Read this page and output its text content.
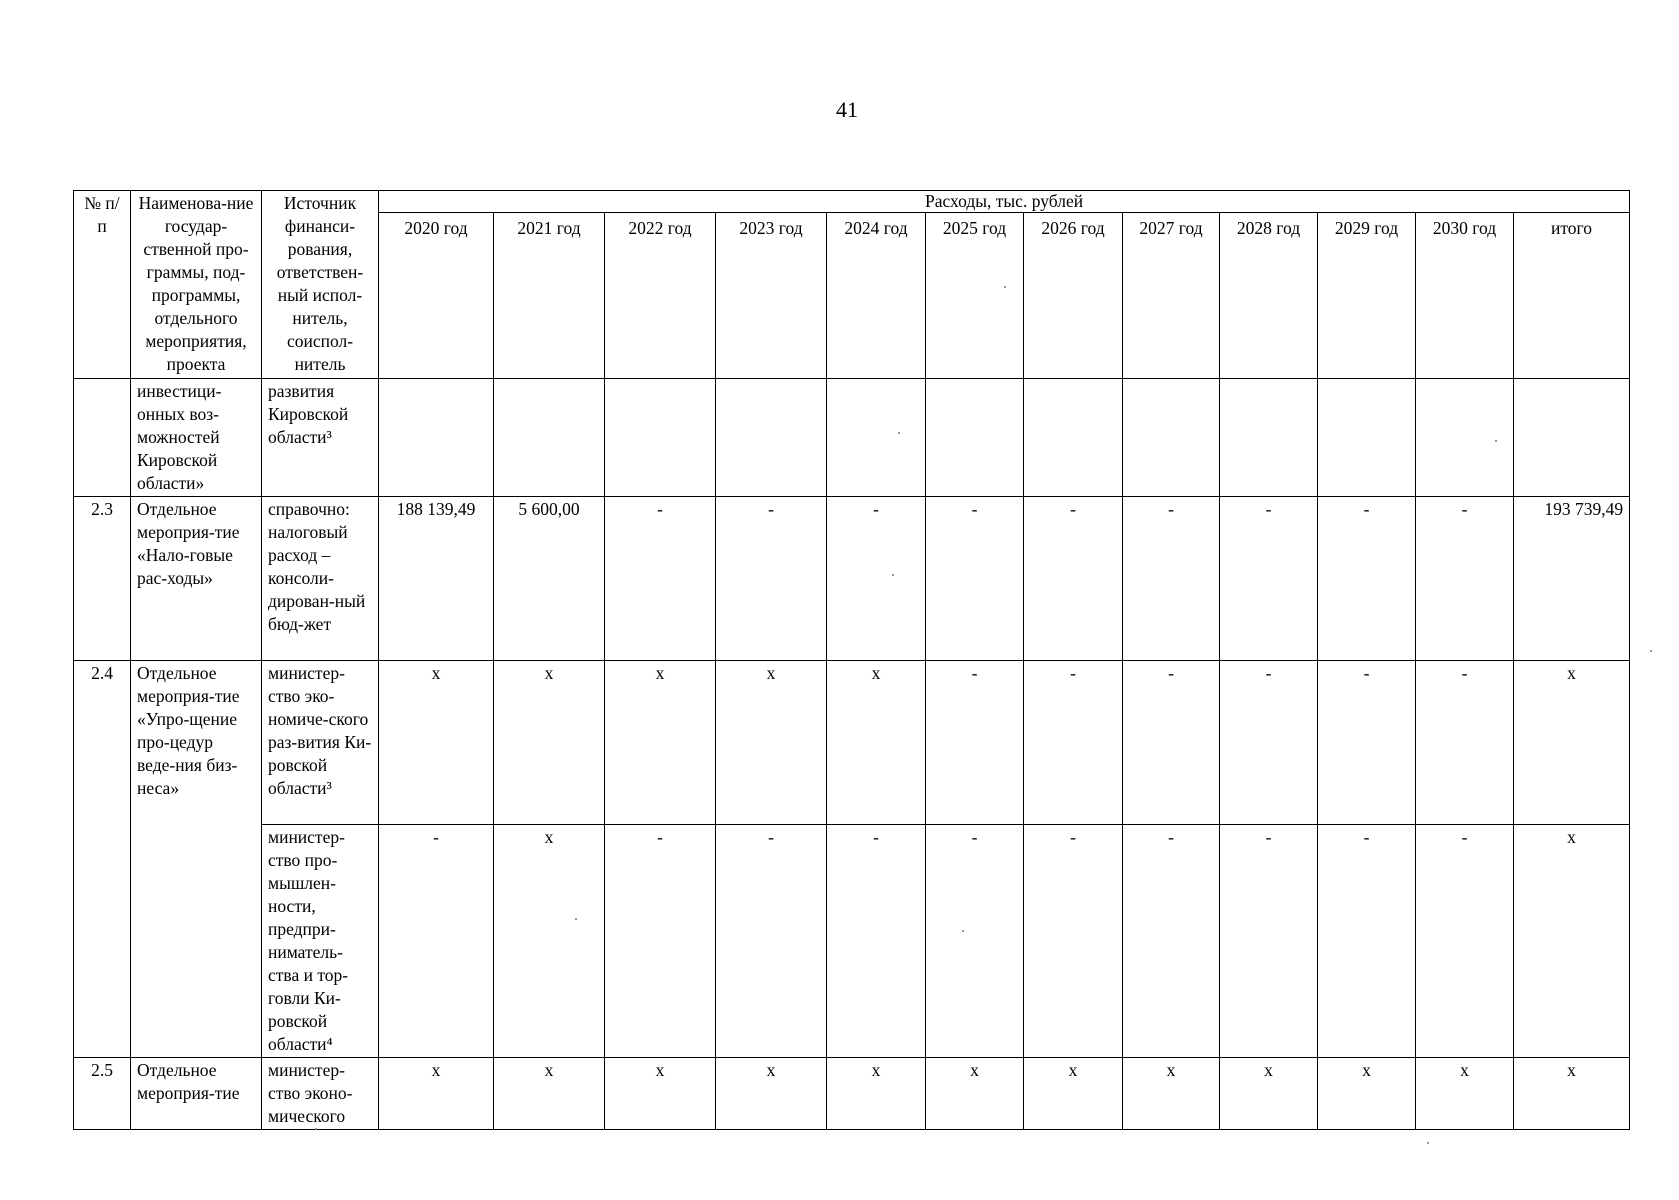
41
№ п/п	Наименова-ние государ-ственной про-граммы, под-программы, отдельного мероприятия, проекта	Источник финанси-рования, ответствен-ный испол-нитель, соиспол-нитель	Расходы, тыс. рублей											
			2020 год	2021 год	2022 год	2023 год	2024 год	2025 год	2026 год	2027 год	2028 год	2029 год	2030 год	итого
	инвестици-онных воз-можностей Кировской области»	развития Кировской области³												
2.3	Отдельное мероприя-тие «Нало-говые рас-ходы»	справочно: налоговый расход – консоли-дирован-ный бюд-жет	188 139,49	5 600,00	-	-	-	-	-	-	-	-	-	193 739,49
2.4	Отдельное мероприя-тие «Упро-щение про-цедур веде-ния биз-неса»	министер-ство эко-номиче-ского раз-вития Ки-ровской области³	x	x	x	x	x	-	-	-	-	-	-	x
		министер-ство про-мышлен-ности, предпри-ниматель-ства и тор-говли Ки-ровской области⁴	-	x	-	-	-	-	-	-	-	-	-	x
2.5	Отдельное мероприя-тие	министер-ство эконо-мического	x	x	x	x	x	x	x	x	x	x	x	x
